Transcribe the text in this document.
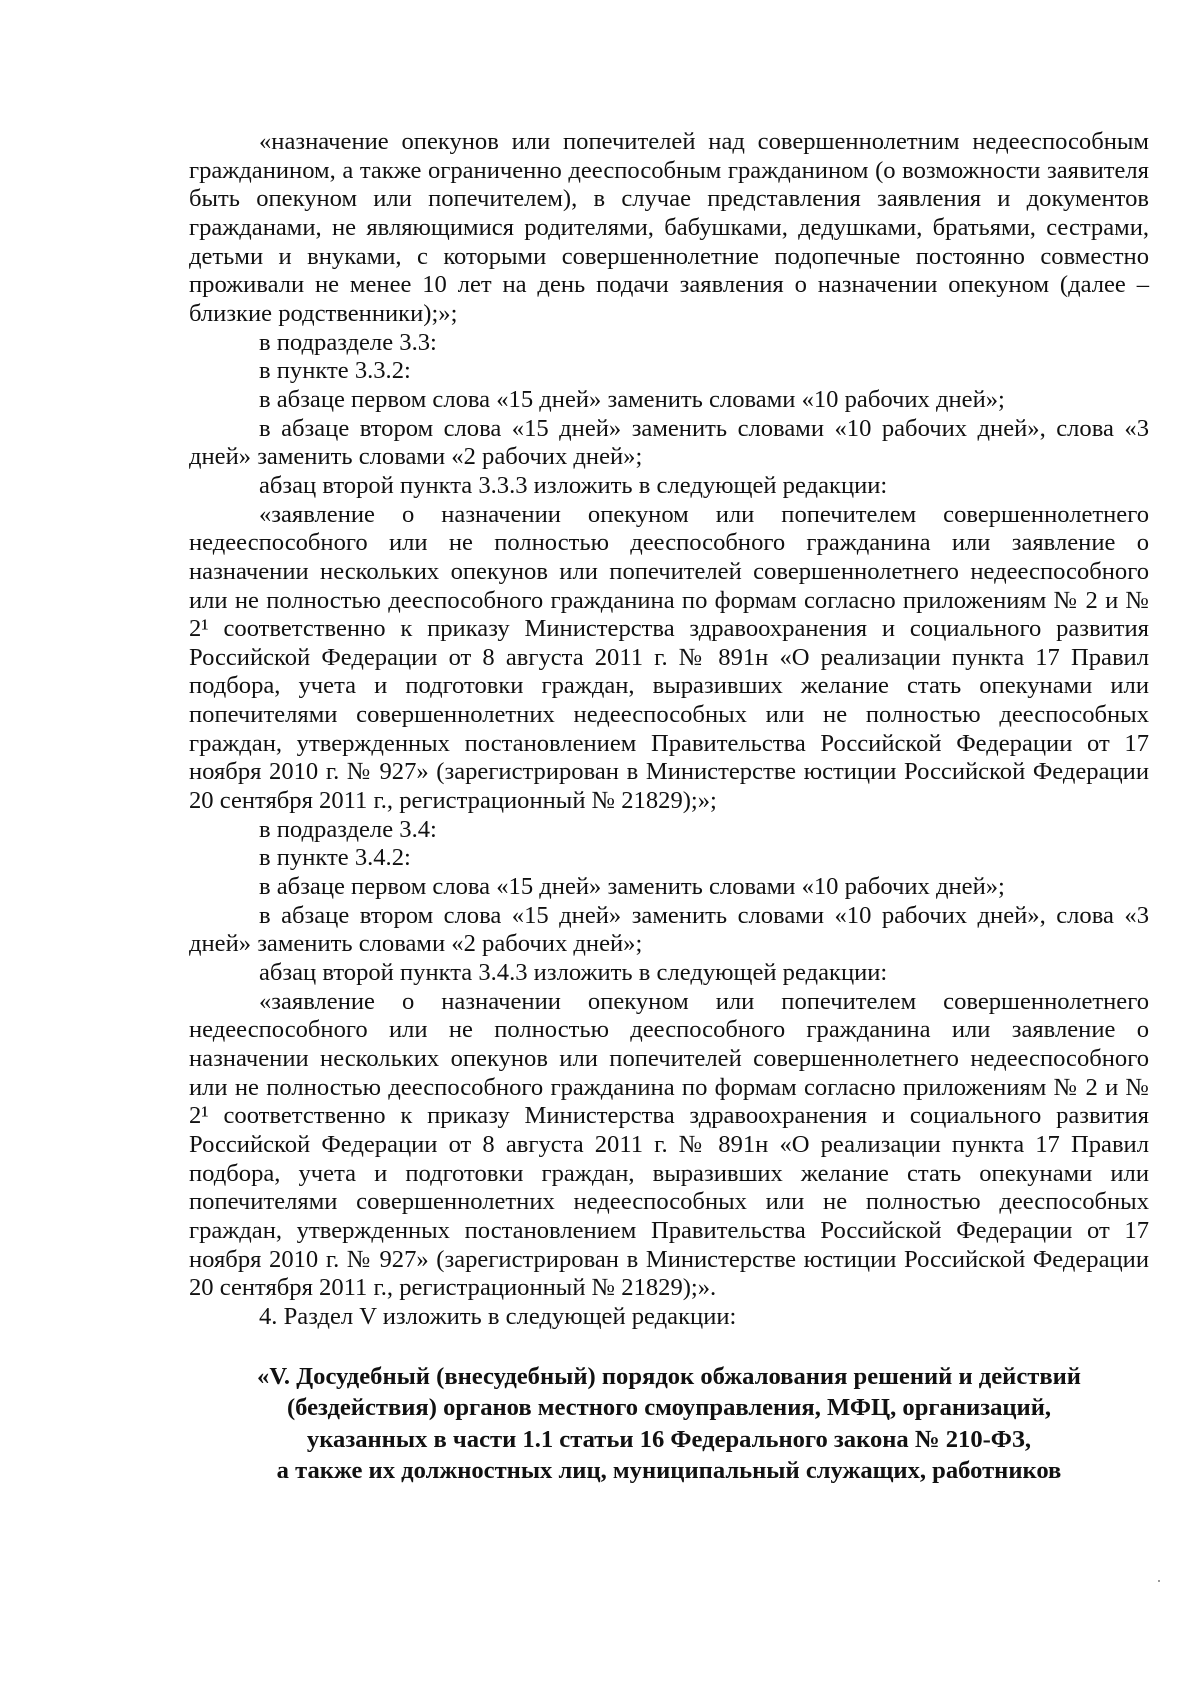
«назначение опекунов или попечителей над совершеннолетним недееспособным гражданином, а также ограниченно дееспособным гражданином (о возможности заявителя быть опекуном или попечителем), в случае представления заявления и документов гражданами, не являющимися родителями, бабушками, дедушками, братьями, сестрами, детьми и внуками, с которыми совершеннолетние подопечные постоянно совместно проживали не менее 10 лет на день подачи заявления о назначении опекуном (далее – близкие родственники);»;

в подразделе 3.3:

в пункте 3.3.2:

в абзаце первом слова «15 дней» заменить словами «10 рабочих дней»;

в абзаце втором слова «15 дней» заменить словами «10 рабочих дней», слова «3 дней» заменить словами «2 рабочих дней»;

абзац второй пункта 3.3.3 изложить в следующей редакции:

«заявление о назначении опекуном или попечителем совершеннолетнего недееспособного или не полностью дееспособного гражданина или заявление о назначении нескольких опекунов или попечителей совершеннолетнего недееспособного или не полностью дееспособного гражданина по формам согласно приложениям № 2 и № 2¹ соответственно к приказу Министерства здравоохранения и социального развития Российской Федерации от 8 августа 2011 г. № 891н «О реализации пункта 17 Правил подбора, учета и подготовки граждан, выразивших желание стать опекунами или попечителями совершеннолетних недееспособных или не полностью дееспособных граждан, утвержденных постановлением Правительства Российской Федерации от 17 ноября 2010 г. № 927» (зарегистрирован в Министерстве юстиции Российской Федерации 20 сентября 2011 г., регистрационный № 21829);»;

в подразделе 3.4:

в пункте 3.4.2:

в абзаце первом слова «15 дней» заменить словами «10 рабочих дней»;

в абзаце втором слова «15 дней» заменить словами «10 рабочих дней», слова «3 дней» заменить словами «2 рабочих дней»;

абзац второй пункта 3.4.3 изложить в следующей редакции:

«заявление о назначении опекуном или попечителем совершеннолетнего недееспособного или не полностью дееспособного гражданина или заявление о назначении нескольких опекунов или попечителей совершеннолетнего недееспособного или не полностью дееспособного гражданина по формам согласно приложениям № 2 и № 2¹ соответственно к приказу Министерства здравоохранения и социального развития Российской Федерации от 8 августа 2011 г. № 891н «О реализации пункта 17 Правил подбора, учета и подготовки граждан, выразивших желание стать опекунами или попечителями совершеннолетних недееспособных или не полностью дееспособных граждан, утвержденных постановлением Правительства Российской Федерации от 17 ноября 2010 г. № 927» (зарегистрирован в Министерстве юстиции Российской Федерации 20 сентября 2011 г., регистрационный № 21829);».

4. Раздел V изложить в следующей редакции:

«V. Досудебный (внесудебный) порядок обжалования решений и действий
(бездействия) органов местного смоуправления, МФЦ, организаций,
указанных в части 1.1 статьи 16 Федерального закона № 210-ФЗ,
а также их должностных лиц, муниципальный служащих, работников
